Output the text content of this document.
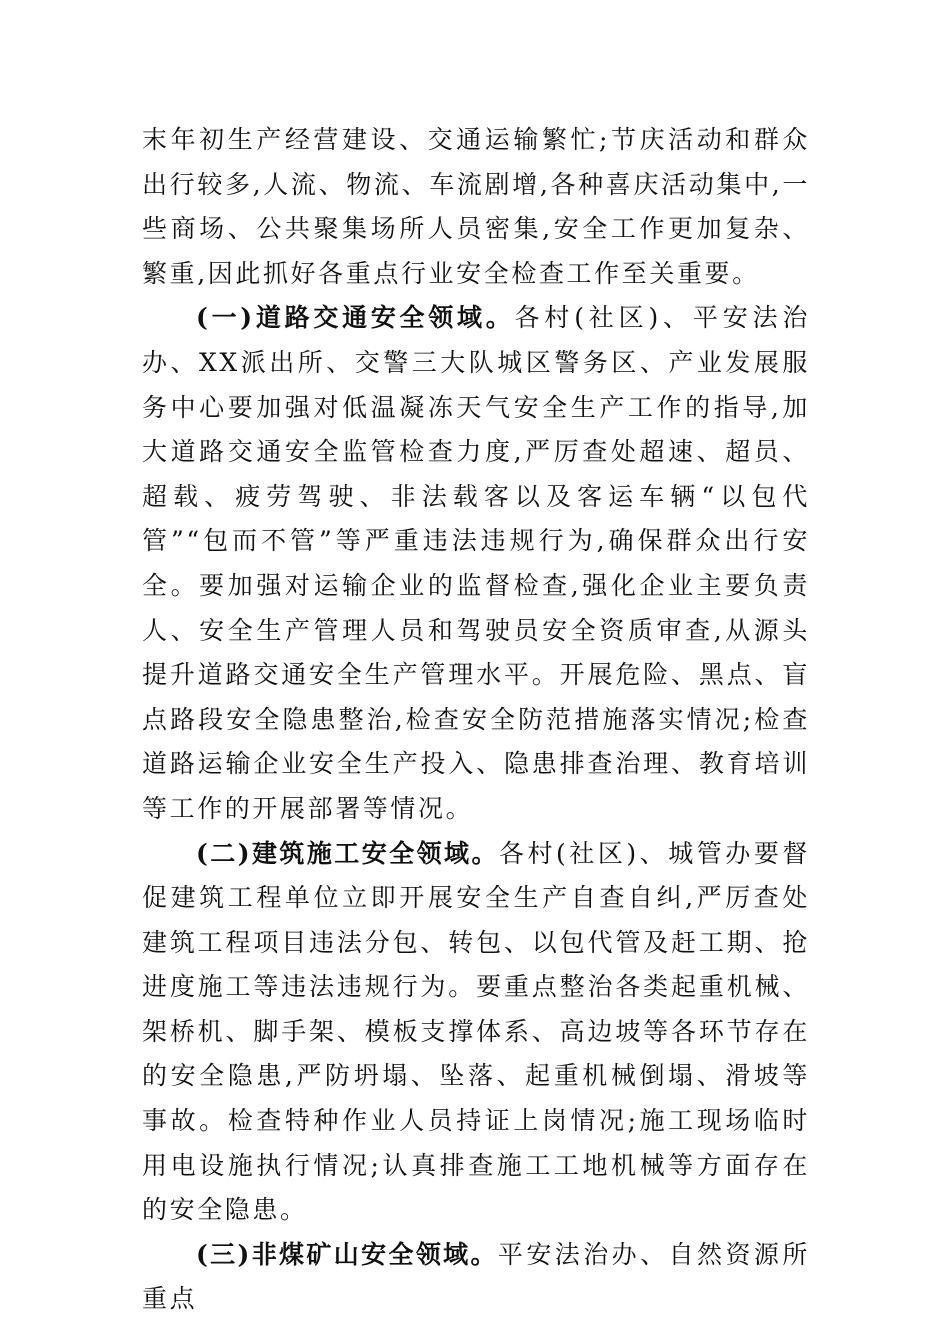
末年初生产经营建设、交通运输繁忙;节庆活动和群众出行较多,人流、物流、车流剧增,各种喜庆活动集中,一些商场、公共聚集场所人员密集,安全工作更加复杂、繁重,因此抓好各重点行业安全检查工作至关重要。

(一)道路交通安全领域。各村(社区)、平安法治办、XX派出所、交警三大队城区警务区、产业发展服务中心要加强对低温凝冻天气安全生产工作的指导,加大道路交通安全监管检查力度,严厉查处超速、超员、超载、疲劳驾驶、非法载客以及客运车辆“以包代管”“包而不管”等严重违法违规行为,确保群众出行安全。要加强对运输企业的监督检查,强化企业主要负责人、安全生产管理人员和驾驶员安全资质审查,从源头提升道路交通安全生产管理水平。开展危险、黑点、盲点路段安全隐患整治,检查安全防范措施落实情况;检查道路运输企业安全生产投入、隐患排查治理、教育培训等工作的开展部署等情况。

(二)建筑施工安全领域。各村(社区)、城管办要督促建筑工程单位立即开展安全生产自查自纠,严厉查处建筑工程项目违法分包、转包、以包代管及赶工期、抢进度施工等违法违规行为。要重点整治各类起重机械、架桥机、脚手架、模板支撑体系、高边坡等各环节存在的安全隐患,严防坍塌、坠落、起重机械倒塌、滑坡等事故。检查特种作业人员持证上岗情况;施工现场临时用电设施执行情况;认真排查施工工地机械等方面存在的安全隐患。

(三)非煤矿山安全领域。平安法治办、自然资源所重点
